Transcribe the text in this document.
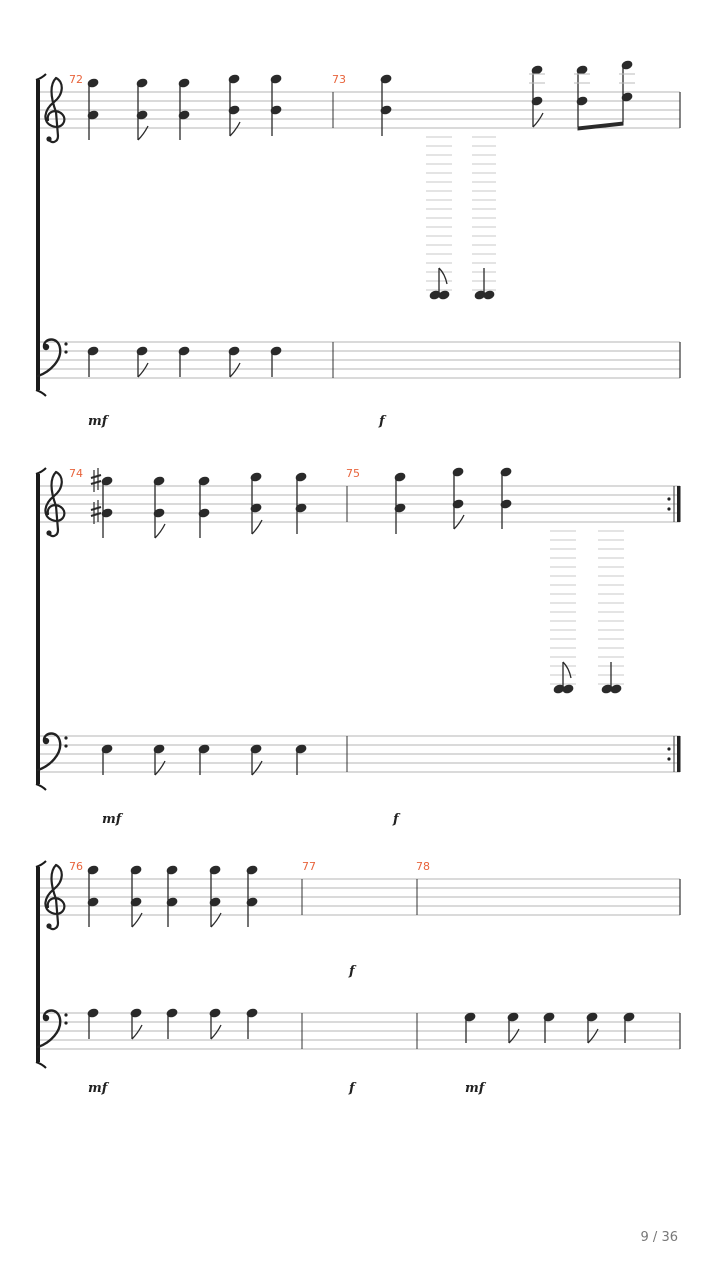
72	73
mf	f
74	75
mf	f
76	77	78
f
mf	f	mf
9 / 36
